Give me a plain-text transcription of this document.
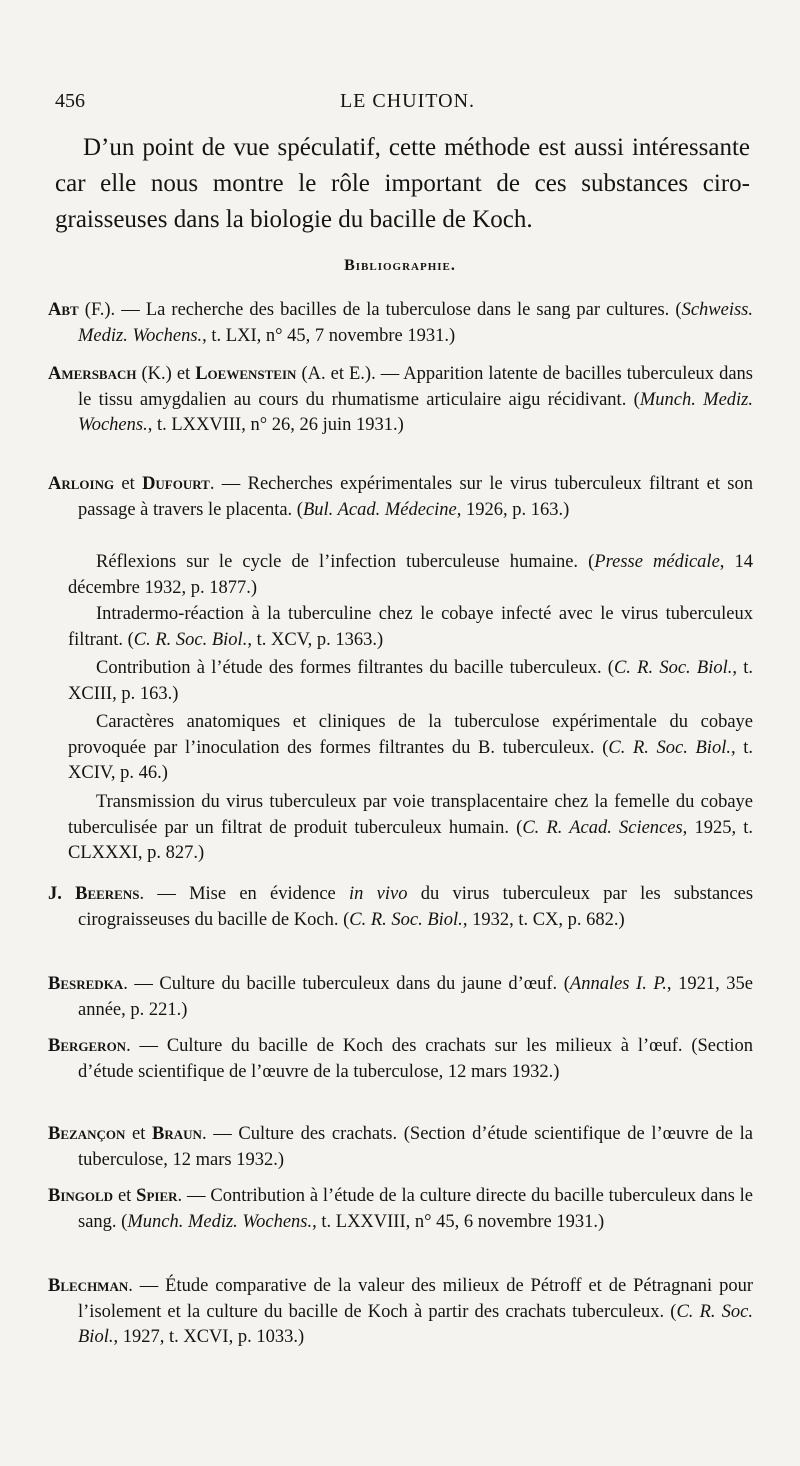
456	LE CHUITON.

D’un point de vue spéculatif, cette méthode est aussi intéressante car elle nous montre le rôle important de ces substances ciro-graisseuses dans la biologie du bacille de Koch.

Bibliographie.
Abt (F.). — La recherche des bacilles de la tuberculose dans le sang par cultures. (Schweiss. Mediz. Wochens., t. LXI, n° 45, 7 novembre 1931.)
Amersbach (K.) et Loewenstein (A. et E.). — Apparition latente de bacilles tuberculeux dans le tissu amygdalien au cours du rhumatisme articulaire aigu récidivant. (Munch. Mediz. Wochens., t. LXXVIII, n° 26, 26 juin 1931.)
Arloing et Dufourt. — Recherches expérimentales sur le virus tuberculeux filtrant et son passage à travers le placenta. (Bul. Acad. Médecine, 1926, p. 163.)
Réflexions sur le cycle de l’infection tuberculeuse humaine. (Presse médicale, 14 décembre 1932, p. 1877.)
Intradermo-réaction à la tuberculine chez le cobaye infecté avec le virus tuberculeux filtrant. (C. R. Soc. Biol., t. XCV, p. 1363.)
Contribution à l’étude des formes filtrantes du bacille tuberculeux. (C. R. Soc. Biol., t. XCIII, p. 163.)
Caractères anatomiques et cliniques de la tuberculose expérimentale du cobaye provoquée par l’inoculation des formes filtrantes du B. tuberculeux. (C. R. Soc. Biol., t. XCIV, p. 46.)
Transmission du virus tuberculeux par voie transplacentaire chez la femelle du cobaye tuberculisée par un filtrat de produit tuberculeux humain. (C. R. Acad. Sciences, 1925, t. CLXXXI, p. 827.)
J. Beerens. — Mise en évidence in vivo du virus tuberculeux par les substances cirograisseuses du bacille de Koch. (C. R. Soc. Biol., 1932, t. CX, p. 682.)
Besredka. — Culture du bacille tuberculeux dans du jaune d’œuf. (Annales I. P., 1921, 35e année, p. 221.)
Bergeron. — Culture du bacille de Koch des crachats sur les milieux à l’œuf. (Section d’étude scientifique de l’œuvre de la tuberculose, 12 mars 1932.)
Bezançon et Braun. — Culture des crachats. (Section d’étude scientifique de l’œuvre de la tuberculose, 12 mars 1932.)
Bingold et Spier. — Contribution à l’étude de la culture directe du bacille tuberculeux dans le sang. (Munch. Mediz. Wochens., t. LXXVIII, n° 45, 6 novembre 1931.)
Blechman. — Étude comparative de la valeur des milieux de Pétroff et de Pétragnani pour l’isolement et la culture du bacille de Koch à partir des crachats tuberculeux. (C. R. Soc. Biol., 1927, t. XCVI, p. 1033.)
